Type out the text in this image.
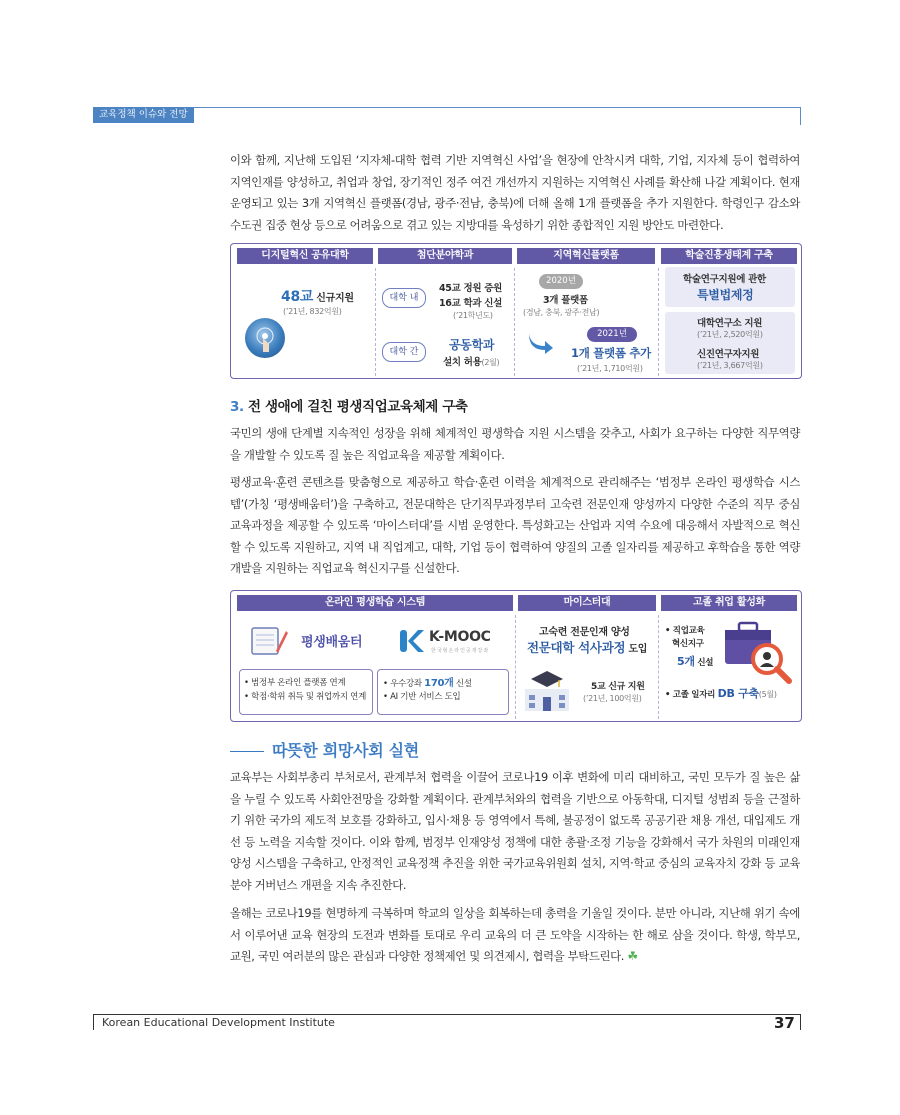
교육정책 이슈와 전망
이와 함께, 지난해 도입된 ‘지자체-대학 협력 기반 지역혁신 사업’을 현장에 안착시켜 대학, 기업, 지자체 등이 협력하여 지역인재를 양성하고, 취업과 창업, 장기적인 정주 여건 개선까지 지원하는 지역혁신 사례를 확산해 나갈 계획이다. 현재 운영되고 있는 3개 지역혁신 플랫폼(경남, 광주·전남, 충북)에 더해 올해 1개 플랫폼을 추가 지원한다. 학령인구 감소와 수도권 집중 현상 등으로 어려움으로 겪고 있는 지방대를 육성하기 위한 종합적인 지원 방안도 마련한다.
디지털혁신 공유대학	첨단분야학과	지역혁신플랫폼	학술진흥생태계 구축
48교 신규지원
(’21년, 832억원)
대학 내
45교 정원 증원
16교 학과 신설
(’21학년도)
대학 간	공동학과
설치 허용(2월)
2020년
3개 플랫폼
(경남, 충북, 광주·전남)
2021년
1개 플랫폼 추가
(’21년, 1,710억원)
학술연구지원에 관한
특별법제정
대학연구소 지원
(’21년, 2,520억원)
신진연구자지원
(’21년, 3,667억원)
3. 전 생애에 걸친 평생직업교육체제 구축
국민의 생애 단계별 지속적인 성장을 위해 체계적인 평생학습 지원 시스템을 갖추고, 사회가 요구하는 다양한 직무역량을 개발할 수 있도록 질 높은 직업교육을 제공할 계획이다.
평생교육·훈련 콘텐츠를 맞춤형으로 제공하고 학습·훈련 이력을 체계적으로 관리해주는 ‘범정부 온라인 평생학습 시스템’(가칭 ‘평생배움터’)을 구축하고, 전문대학은 단기직무과정부터 고숙련 전문인재 양성까지 다양한 수준의 직무 중심 교육과정을 제공할 수 있도록 ‘마이스터대’를 시범 운영한다. 특성화고는 산업과 지역 수요에 대응해서 자발적으로 혁신할 수 있도록 지원하고, 지역 내 직업계고, 대학, 기업 등이 협력하여 양질의 고졸 일자리를 제공하고 후학습을 통한 역량 개발을 지원하는 직업교육 혁신지구를 신설한다.
온라인 평생학습 시스템	마이스터대	고졸 취업 활성화
평생배움터	K-MOOC
한 국 형 온 라 인 공 개 강 좌
• 범정부 온라인 플랫폼 연계
• 학점·학위 취득 및 취업까지 연계
• 우수강좌 170개 신설
• AI 기반 서비스 도입
고숙련 전문인재 양성
전문대학 석사과정 도입
5교 신규 지원
(’21년, 100억원)
• 직업교육
혁신지구
5개 신설
• 고졸 일자리 DB 구축(5월)
따뜻한 희망사회 실현
교육부는 사회부총리 부처로서, 관계부처 협력을 이끌어 코로나19 이후 변화에 미리 대비하고, 국민 모두가 질 높은 삶을 누릴 수 있도록 사회안전망을 강화할 계획이다. 관계부처와의 협력을 기반으로 아동학대, 디지털 성범죄 등을 근절하기 위한 국가의 제도적 보호를 강화하고, 입시·채용 등 영역에서 특혜, 불공정이 없도록 공공기관 채용 개선, 대입제도 개선 등 노력을 지속할 것이다. 이와 함께, 범정부 인재양성 정책에 대한 총괄·조정 기능을 강화해서 국가 차원의 미래인재 양성 시스템을 구축하고, 안정적인 교육정책 추진을 위한 국가교육위원회 설치, 지역·학교 중심의 교육자치 강화 등 교육 분야 거버넌스 개편을 지속 추진한다.
올해는 코로나19를 현명하게 극복하며 학교의 일상을 회복하는데 총력을 기울일 것이다. 분만 아니라, 지난해 위기 속에서 이루어낸 교육 현장의 도전과 변화를 토대로 우리 교육의 더 큰 도약을 시작하는 한 해로 삼을 것이다. 학생, 학부모, 교원, 국민 여러분의 많은 관심과 다양한 정책제언 및 의견제시, 협력을 부탁드린다. ☘
Korean Educational Development Institute	37
